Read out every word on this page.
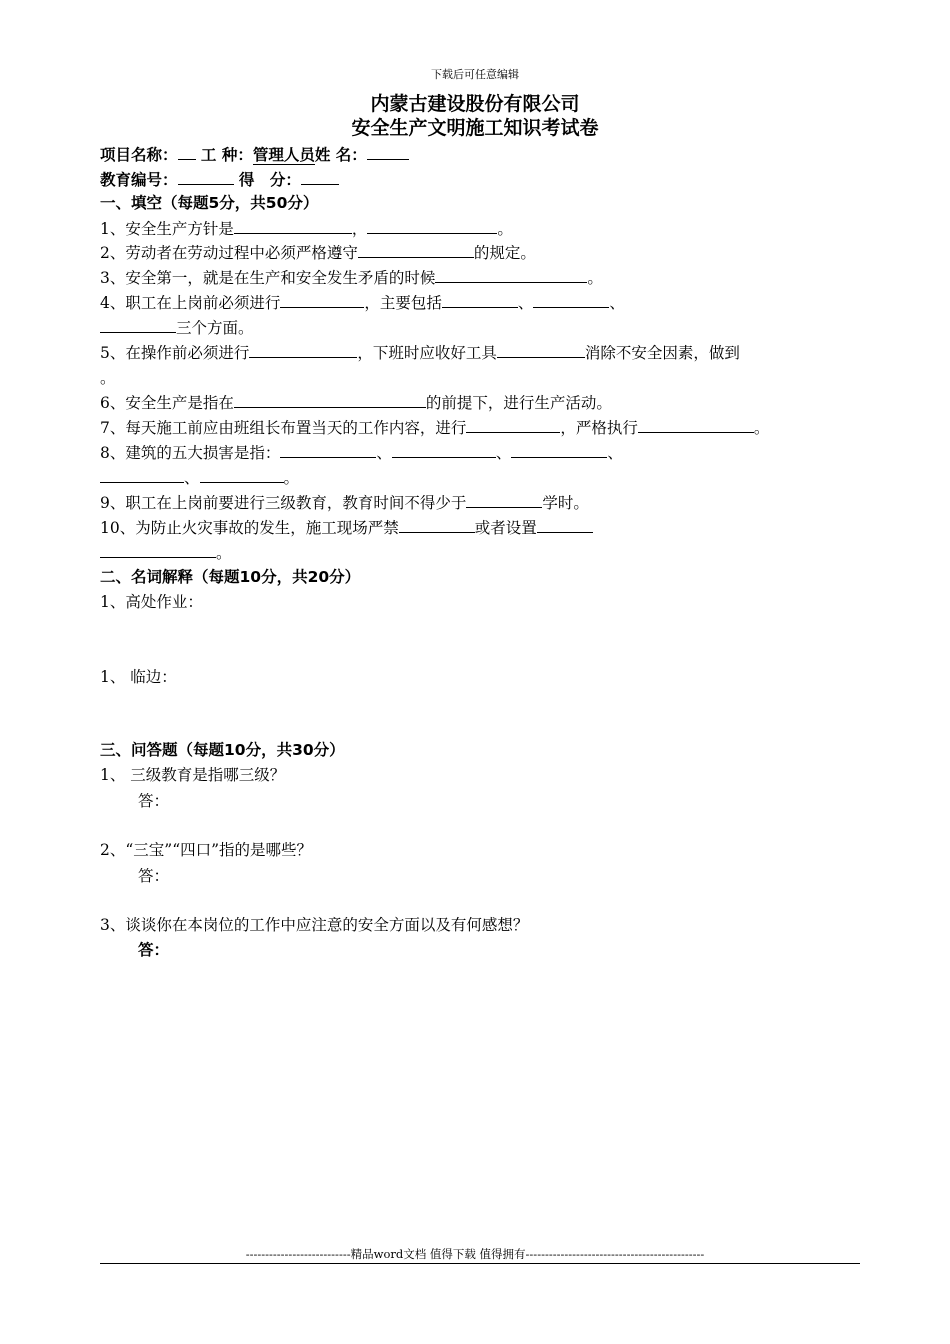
下载后可任意编辑
内蒙古建设股份有限公司
安全生产文明施工知识考试卷
项目名称： 工 种：管理人员姓 名：
教育编号：	得　分：
一、填空（每题5分，共50分）
1、安全生产方针是	，	。
2、劳动者在劳动过程中必须严格遵守	的规定。
3、安全第一，就是在生产和安全发生矛盾的时候	。
4、职工在上岗前必须进行	，主要包括	、	、
三个方面。
5、在操作前必须进行	，下班时应收好工具	消除不安全因素，做到
。
6、安全生产是指在	的前提下，进行生产活动。
7、每天施工前应由班组长布置当天的工作内容，进行	，严格执行	。
8、建筑的五大损害是指：	、	、	、
、	。
9、职工在上岗前要进行三级教育，教育时间不得少于	学时。
10、为防止火灾事故的发生，施工现场严禁	或者设置
。
二、名词解释（每题10分，共20分）
1、高处作业：
1、 临边：
三、问答题（每题10分，共30分）
1、 三级教育是指哪三级？
答：
2、“三宝”“四口”指的是哪些？
答：
3、谈谈你在本岗位的工作中应注意的安全方面以及有何感想？
答：
---------------------------精品word文档 值得下载 值得拥有----------------------------------------------
